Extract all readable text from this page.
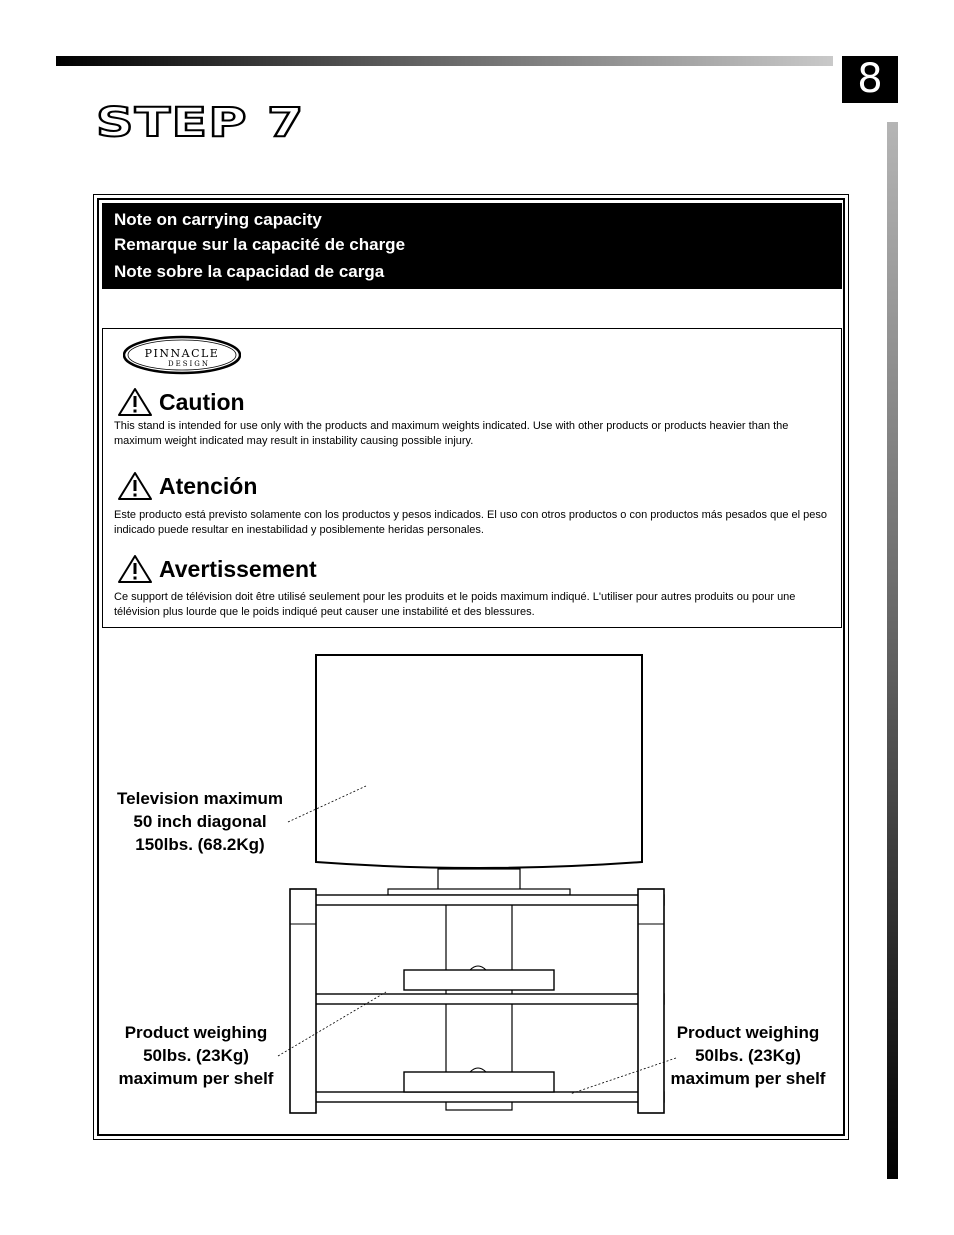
8
STEP 7
Note on carrying capacity
Remarque sur la capacité de charge
Note sobre la capacidad de carga
PINNACLE
DESIGN
Caution
This stand is intended for use only with the products and maximum weights indicated. Use with other products or products heavier than the maximum weight indicated may result in instability causing possible injury.
Atención
Este producto está previsto solamente con los productos y pesos indicados. El uso con otros productos o con productos más pesados que el peso indicado puede resultar en inestabilidad y posiblemente heridas personales.
Avertissement
Ce support de télévision doit être utilisé seulement pour les produits et le poids maximum indiqué. L'utiliser pour autres produits ou pour une télévision plus lourde que le poids indiqué peut causer une instabilité et des blessures.
Television maximum
50 inch diagonal
150lbs. (68.2Kg)
Product weighing
50lbs. (23Kg)
maximum per shelf
Product weighing
50lbs. (23Kg)
maximum per shelf
